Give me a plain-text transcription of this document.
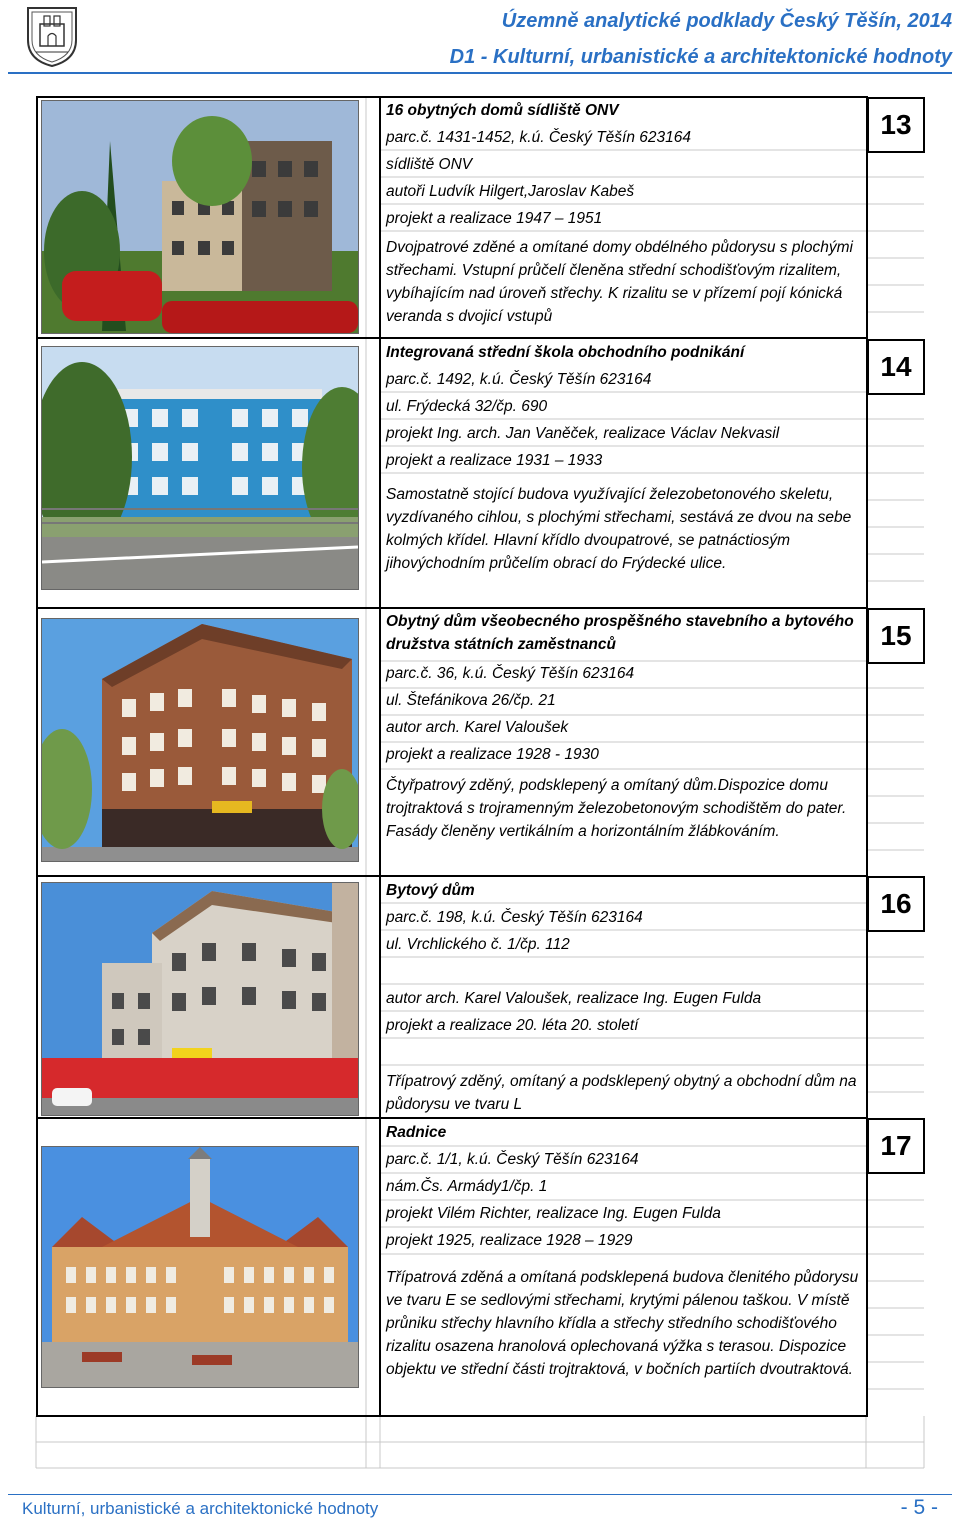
Územně analytické podklady Český Těšín, 2014
D1 - Kulturní, urbanistické a architektonické hodnoty
16 obytných domů sídliště ONV
parc.č. 1431-1452, k.ú. Český Těšín 623164
sídliště ONV
autoři Ludvík Hilgert,Jaroslav Kabeš
projekt a realizace 1947 – 1951
Dvojpatrové zděné a omítané domy obdélného půdorysu s plochými střechami. Vstupní průčelí členěna střední schodišťovým rizalitem, vybíhajícím nad úroveň střechy. K rizalitu se v přízemí pojí kónická veranda s dvojicí vstupů
13
Integrovaná střední škola obchodního podnikání
parc.č. 1492, k.ú. Český Těšín 623164
ul. Frýdecká 32/čp. 690
projekt Ing. arch. Jan Vaněček, realizace Václav Nekvasil
projekt a realizace 1931 – 1933
Samostatně stojící budova využívající železobetonového skeletu, vyzdívaného cihlou, s plochými střechami, sestává ze dvou na sebe kolmých křídel. Hlavní křídlo dvoupatrové, se patnáctiosým jihovýchodním průčelím obrací do Frýdecké ulice.
14
Obytný dům všeobecného prospěšného stavebního a bytového družstva státních zaměstnanců
parc.č. 36, k.ú. Český Těšín 623164
ul. Štefánikova 26/čp. 21
autor arch. Karel Valoušek
projekt a realizace 1928 - 1930
Čtyřpatrový zděný, podsklepený a omítaný dům.Dispozice domu trojtraktová s trojramenným železobetonovým schodištěm do pater. Fasády členěny vertikálním a horizontálním žlábkováním.
15
Bytový dům
parc.č. 198, k.ú. Český Těšín 623164
ul. Vrchlického č. 1/čp. 112
autor arch. Karel Valoušek, realizace Ing. Eugen Fulda
projekt a realizace 20. léta 20. století
Třípatrový zděný, omítaný a podsklepený obytný a obchodní dům na půdorysu ve tvaru L
16
Radnice
parc.č. 1/1, k.ú. Český Těšín 623164
nám.Čs. Armády1/čp. 1
projekt Vilém Richter, realizace Ing. Eugen Fulda
projekt 1925, realizace 1928 – 1929
Třípatrová zděná a omítaná podsklepená budova členitého půdorysu ve tvaru E se sedlovými střechami, krytými pálenou taškou. V místě průniku střechy hlavního křídla a střechy středního schodišťového rizalitu osazena hranolová oplechovaná výžka s terasou. Dispozice objektu ve střední části trojtraktová, v bočních partiích dvoutraktová.
17
Kulturní, urbanistické a architektonické hodnoty	- 5 -
